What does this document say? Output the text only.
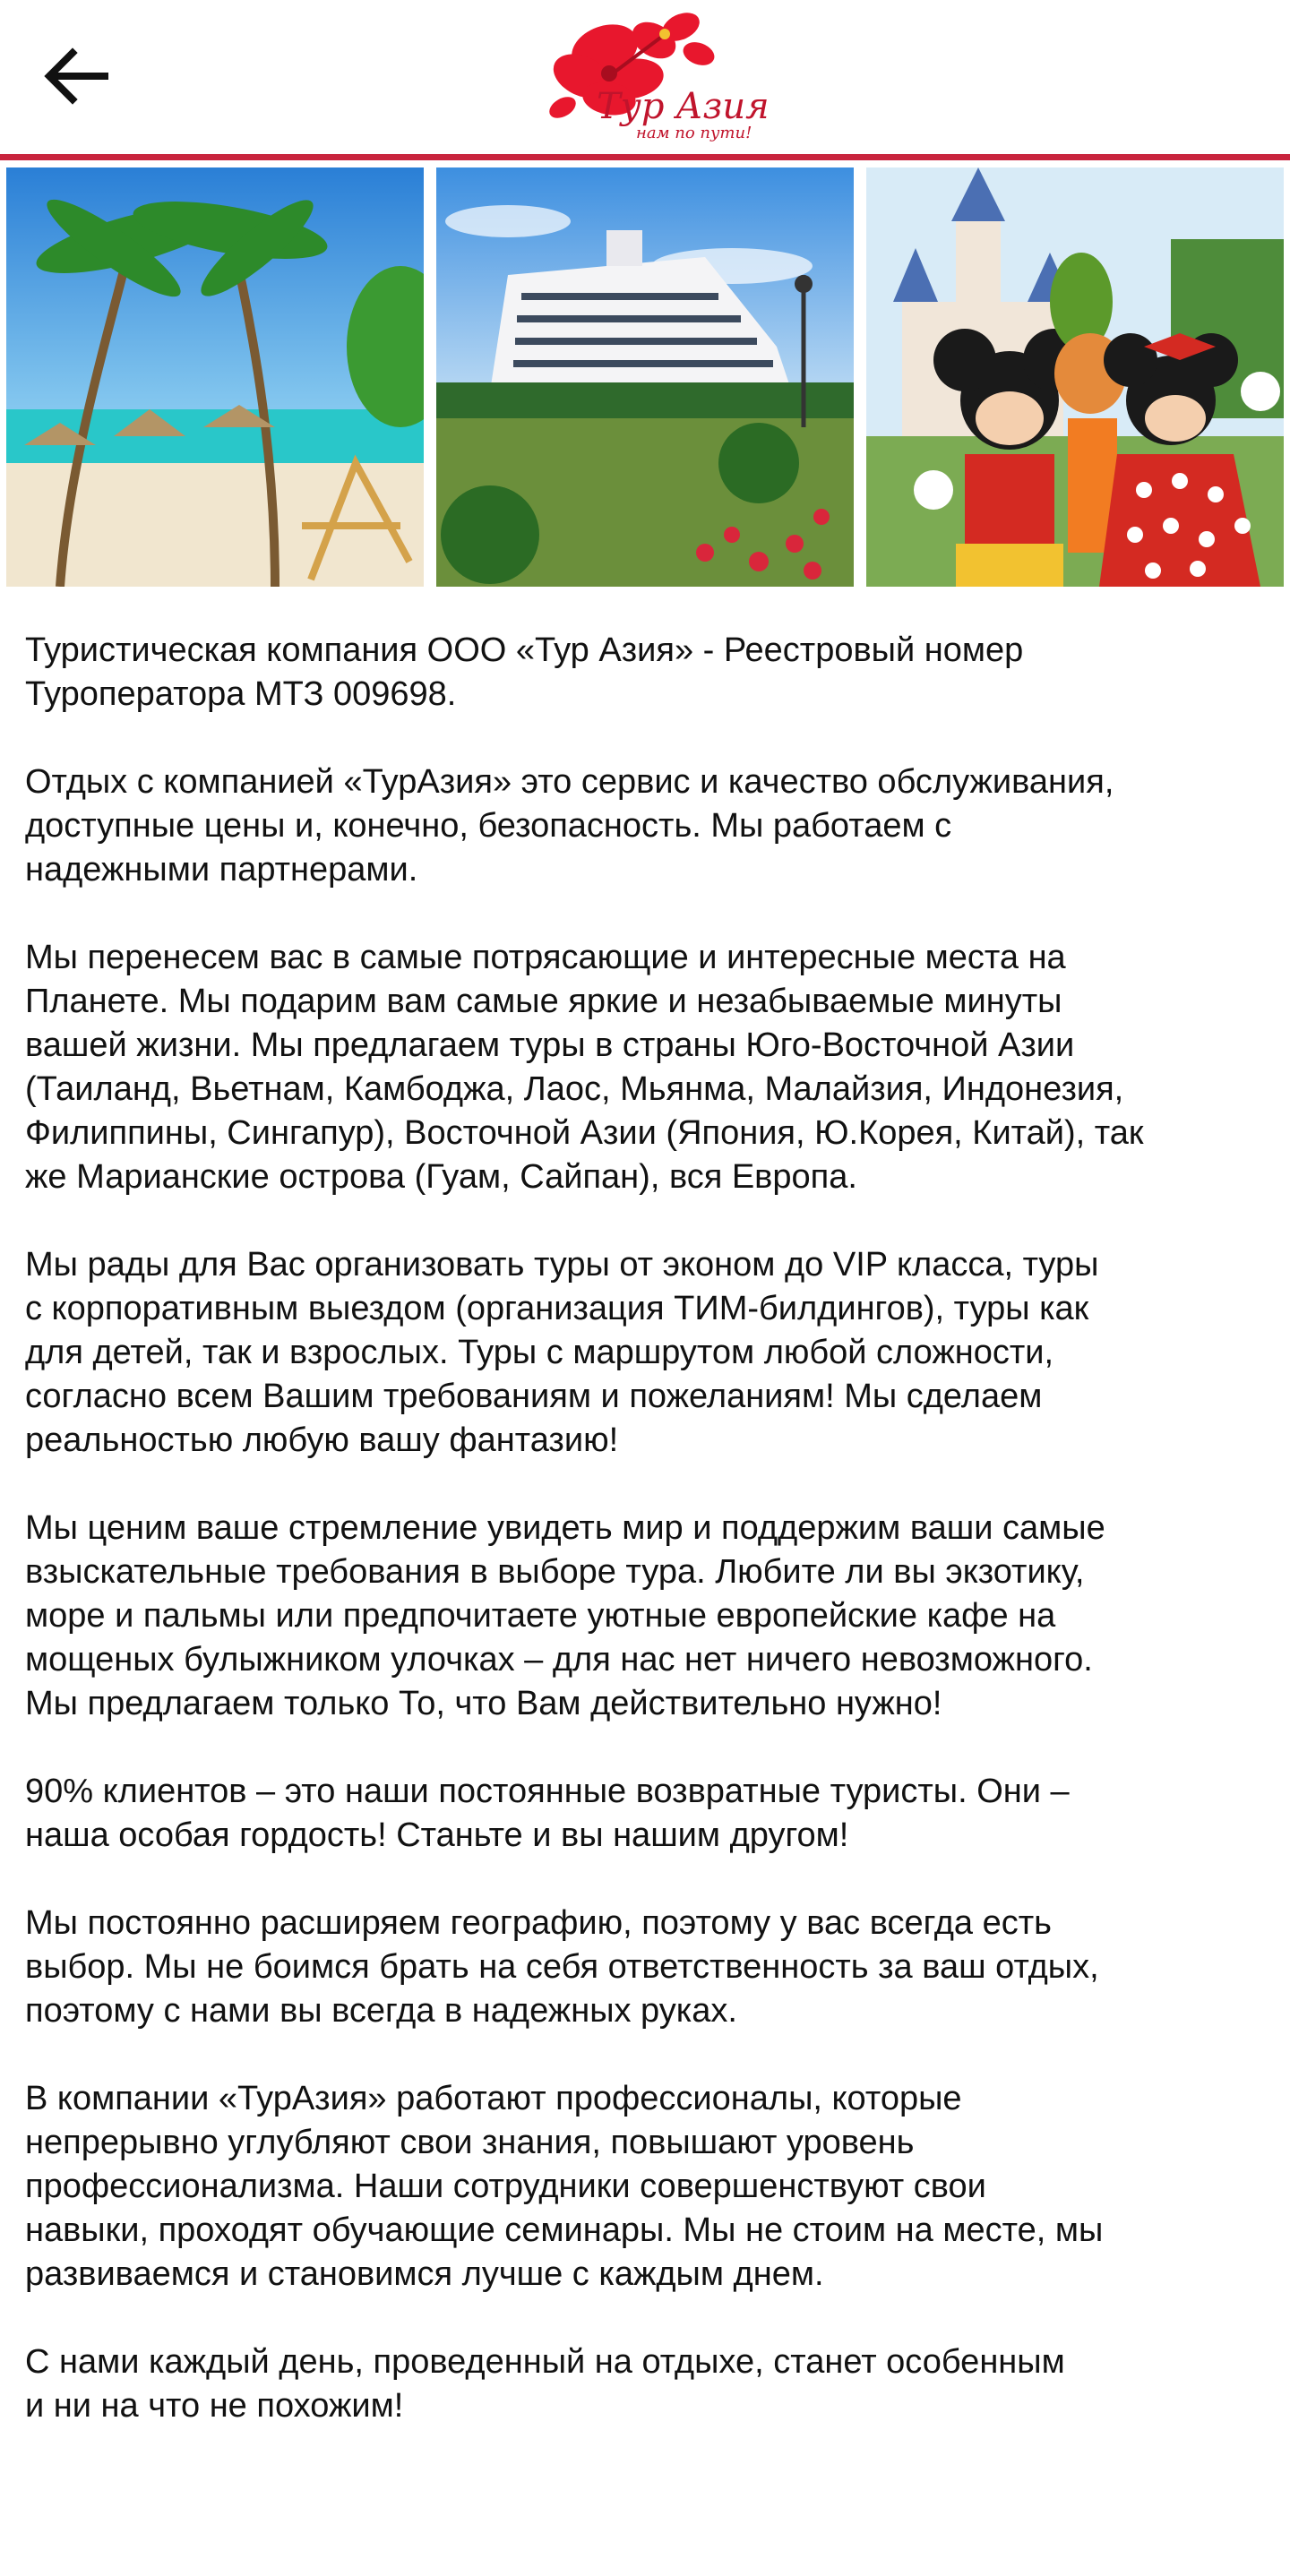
Тур Азия
нам по пути!

Туристическая компания ООО «Тур Азия» - Реестровый номер
Туроператора МТЗ 009698.

Отдых с компанией «ТурАзия» это сервис и качество обслуживания,
доступные цены и, конечно, безопасность. Мы работаем с
надежными партнерами.

Мы перенесем вас в самые потрясающие и интересные места на
Планете. Мы подарим вам самые яркие и незабываемые минуты
вашей жизни. Мы предлагаем туры в страны Юго-Восточной Азии
(Таиланд, Вьетнам, Камбоджа, Лаос, Мьянма, Малайзия, Индонезия,
Филиппины, Сингапур), Восточной Азии (Япония, Ю.Корея, Китай), так
же Марианские острова (Гуам, Сайпан), вся Европа.

Мы рады для Вас организовать туры от эконом до VIP класса, туры
с корпоративным выездом (организация ТИМ-билдингов), туры как
для детей, так и взрослых. Туры с маршрутом любой сложности,
согласно всем Вашим требованиям и пожеланиям! Мы сделаем
реальностью любую вашу фантазию!

Мы ценим ваше стремление увидеть мир и поддержим ваши самые
взыскательные требования в выборе тура. Любите ли вы экзотику,
море и пальмы или предпочитаете уютные европейские кафе на
мощеных булыжником улочках – для нас нет ничего невозможного.
Мы предлагаем только То, что Вам действительно нужно!

90% клиентов – это наши постоянные возвратные туристы. Они –
наша особая гордость! Станьте и вы нашим другом!

Мы постоянно расширяем географию, поэтому у вас всегда есть
выбор. Мы не боимся брать на себя ответственность за ваш отдых,
поэтому с нами вы всегда в надежных руках.

В компании «ТурАзия» работают профессионалы, которые
непрерывно углубляют свои знания, повышают уровень
профессионализма. Наши сотрудники совершенствуют свои
навыки, проходят обучающие семинары. Мы не стоим на месте, мы
развиваемся и становимся лучше с каждым днем.

С нами каждый день, проведенный на отдыхе, станет особенным
и ни на что не похожим!
